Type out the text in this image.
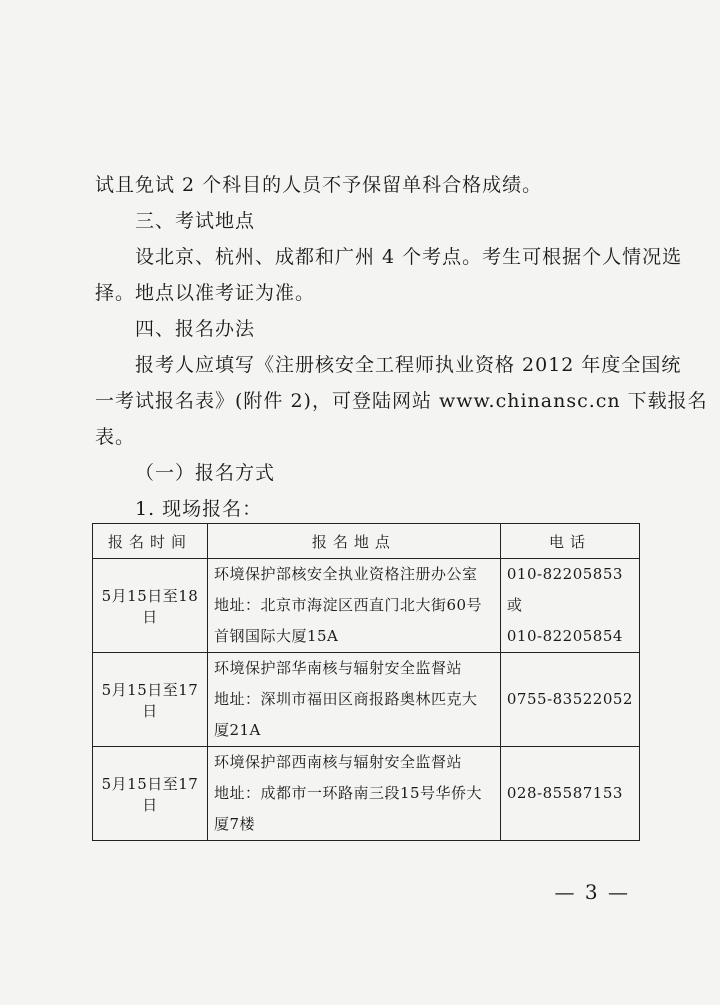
试且免试 2 个科目的人员不予保留单科合格成绩。

三、考试地点

设北京、杭州、成都和广州 4 个考点。考生可根据个人情况选

择。地点以准考证为准。

四、报名办法

报考人应填写《注册核安全工程师执业资格 2012 年度全国统

一考试报名表》(附件 2)，可登陆网站 www.chinansc.cn 下载报名

表。

（一）报名方式

1. 现场报名：

报名时间	报名地点	电话
5月15日至18日	环境保护部核安全执业资格注册办公室
地址：北京市海淀区西直门北大街60号
首钢国际大厦15A	010-82205853
或
010-82205854

5月15日至17日	环境保护部华南核与辐射安全监督站
地址：深圳市福田区商报路奥林匹克大
厦21A	0755-83522052

5月15日至17日	环境保护部西南核与辐射安全监督站
地址：成都市一环路南三段15号华侨大
厦7楼	028-85587153
— 3 —
